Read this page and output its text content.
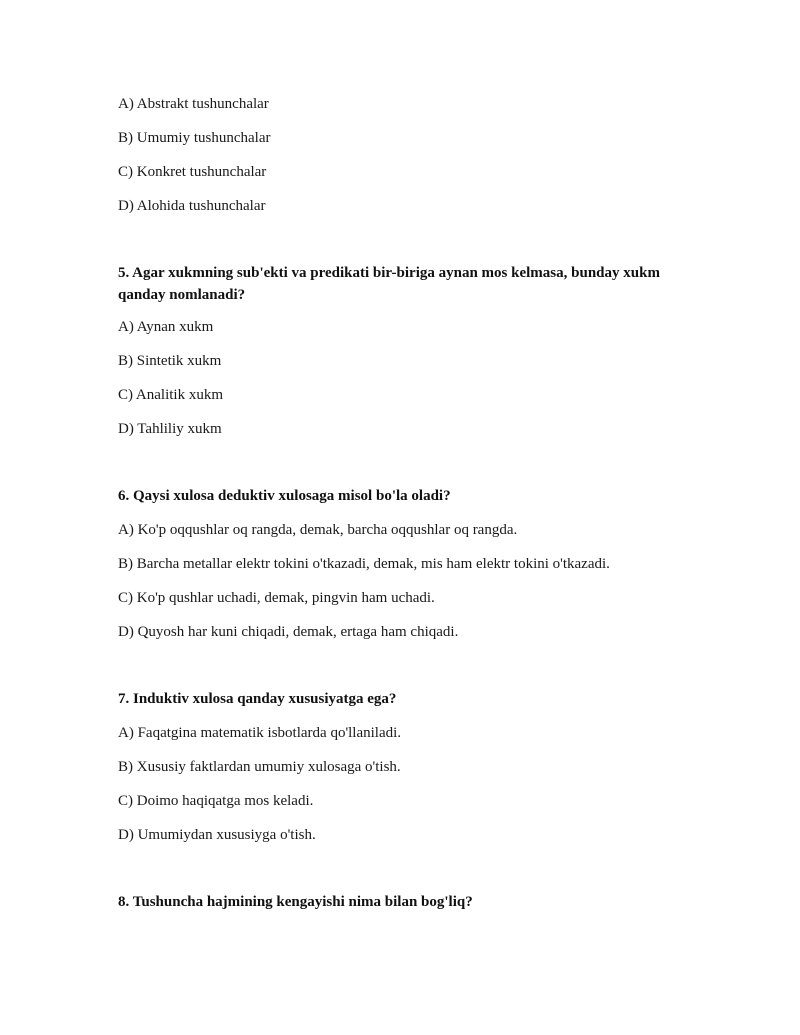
A) Abstrakt tushunchalar
B) Umumiy tushunchalar
C) Konkret tushunchalar
D) Alohida tushunchalar
5. Agar xukmning sub'ekti va predikati bir-biriga aynan mos kelmasa, bunday xukm qanday nomlanadi?
A) Aynan xukm
B) Sintetik xukm
C) Analitik xukm
D) Tahliliy xukm
6. Qaysi xulosa deduktiv xulosaga misol bo'la oladi?
A) Ko'p oqqushlar oq rangda, demak, barcha oqqushlar oq rangda.
B) Barcha metallar elektr tokini o'tkazadi, demak, mis ham elektr tokini o'tkazadi.
C) Ko'p qushlar uchadi, demak, pingvin ham uchadi.
D) Quyosh har kuni chiqadi, demak, ertaga ham chiqadi.
7. Induktiv xulosa qanday xususiyatga ega?
A) Faqatgina matematik isbotlarda qo'llaniladi.
B) Xususiy faktlardan umumiy xulosaga o'tish.
C) Doimo haqiqatga mos keladi.
D) Umumiydan xususiyga o'tish.
8. Tushuncha hajmining kengayishi nima bilan bog'liq?
